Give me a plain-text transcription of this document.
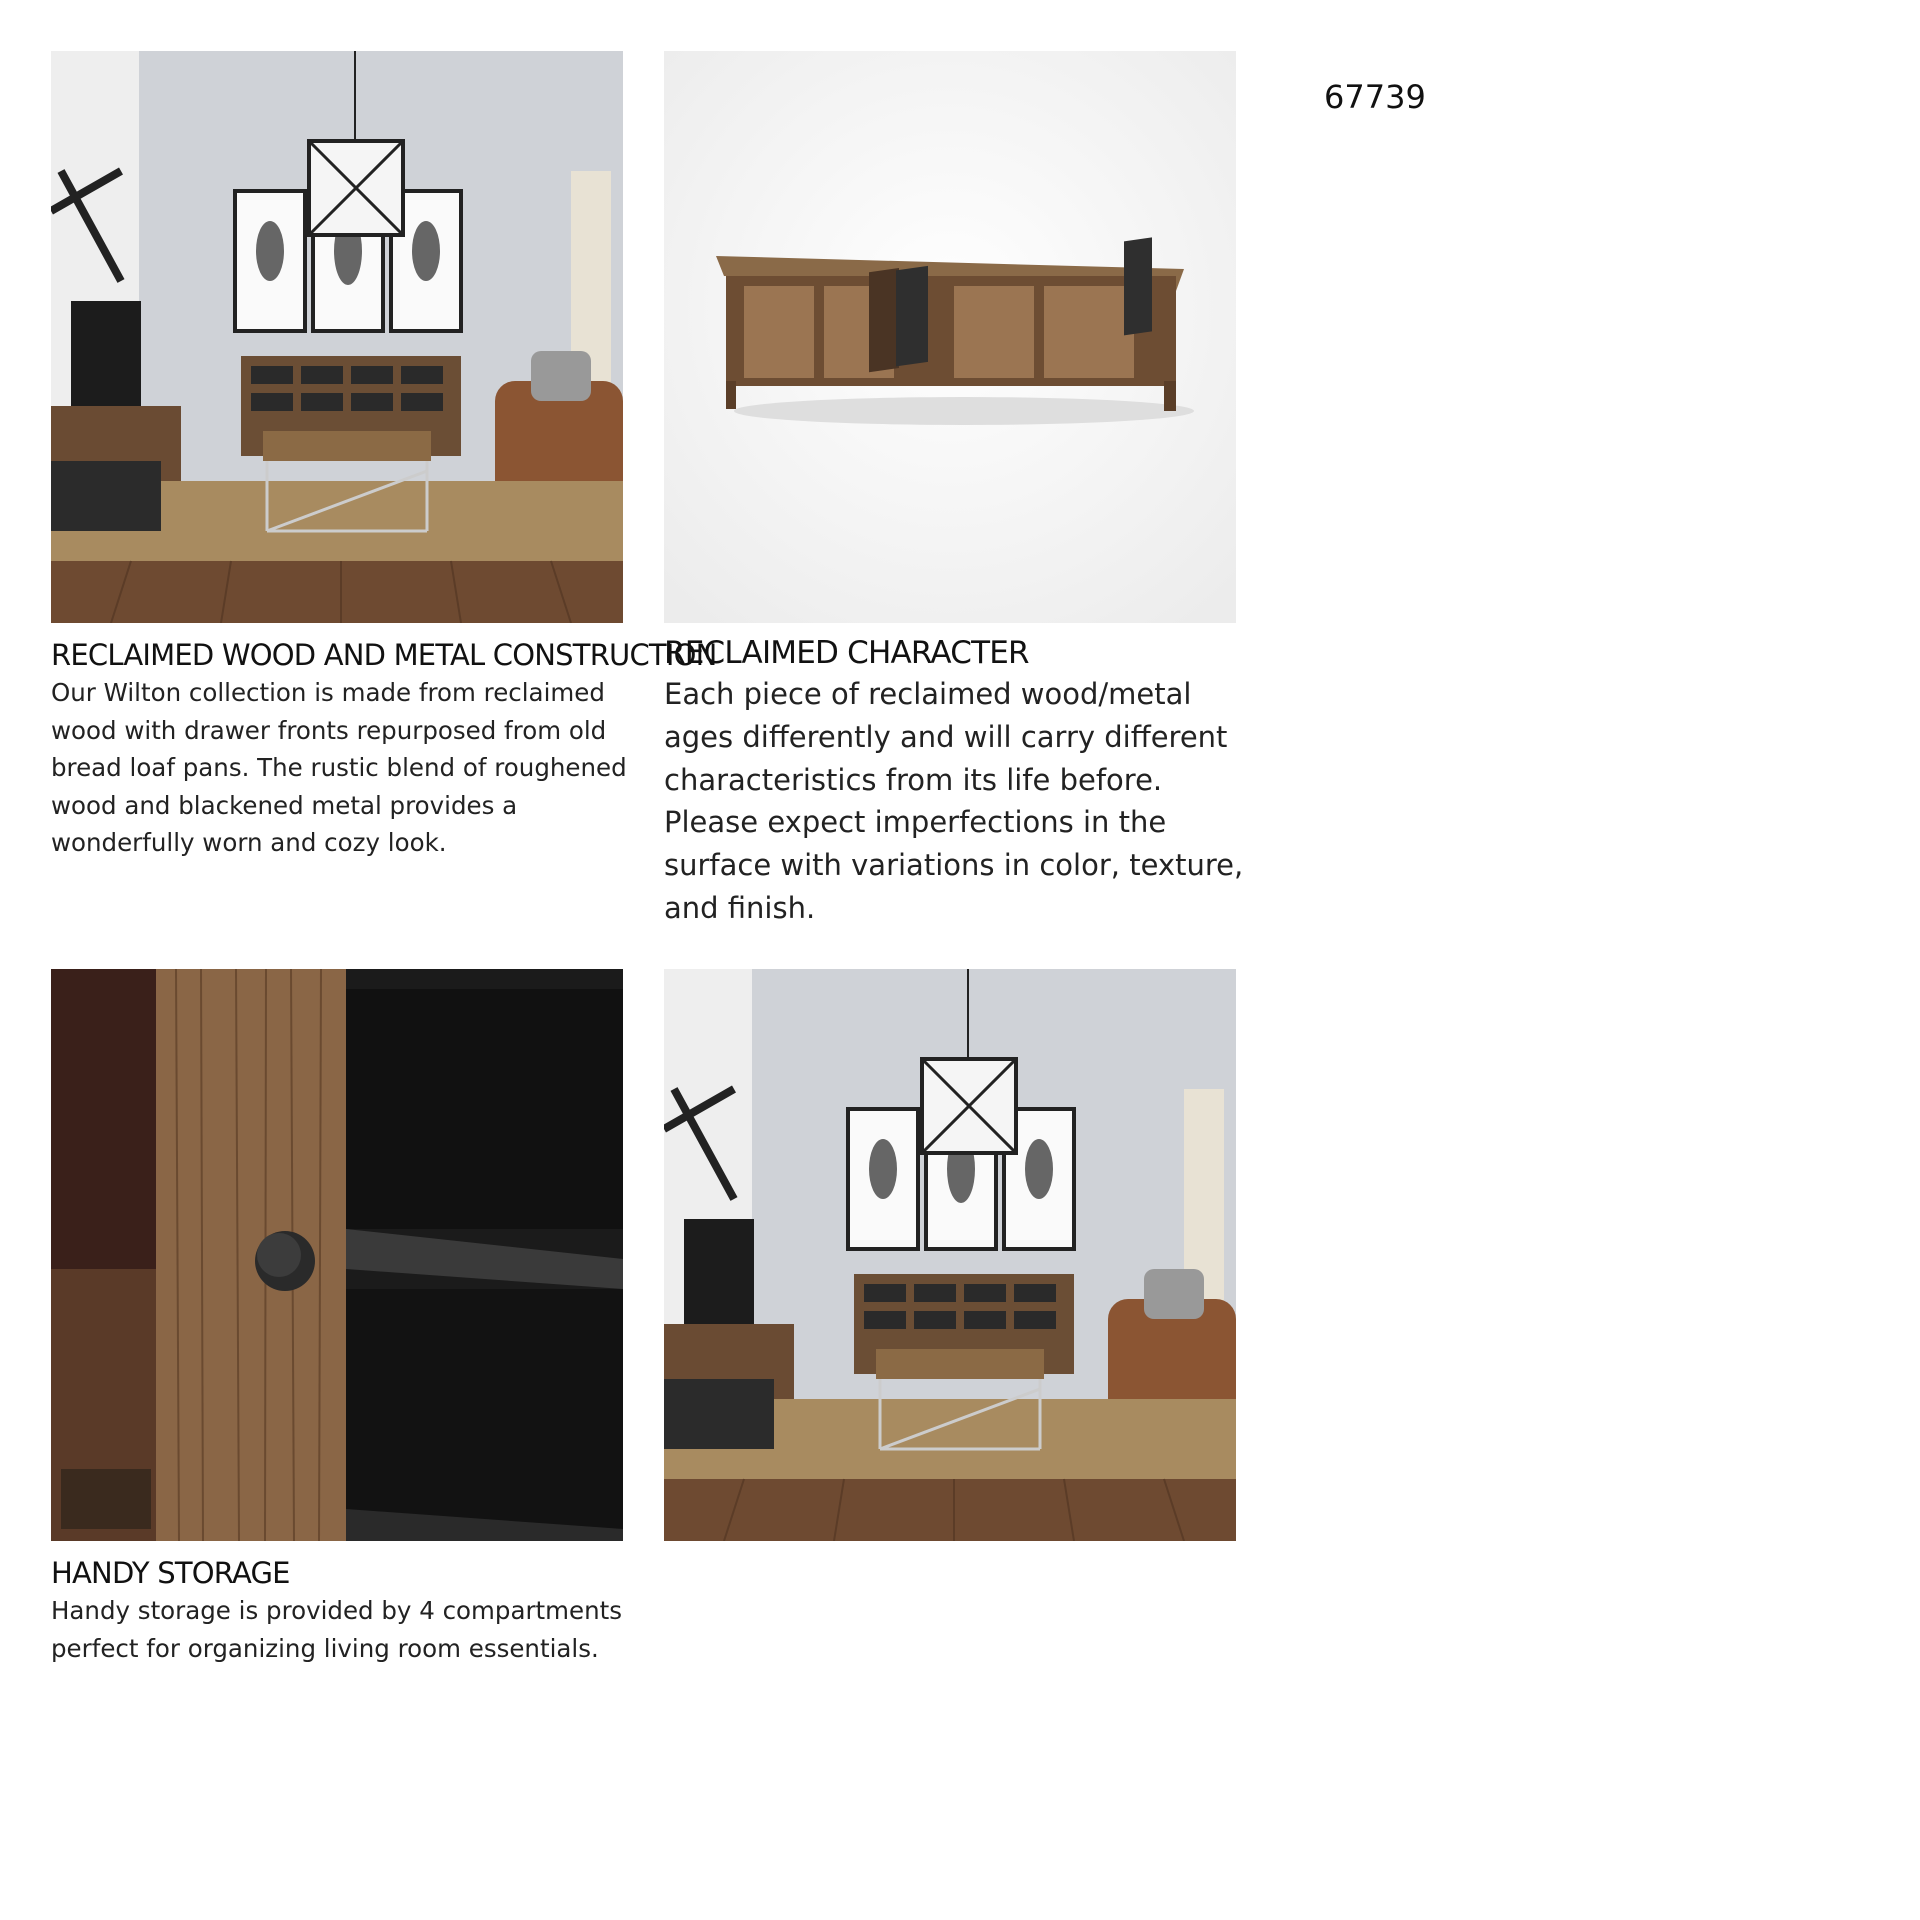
67739
RECLAIMED WOOD AND METAL CONSTRUCTION
Our Wilton collection is made from reclaimed wood with drawer fronts repurposed from old bread loaf pans. The rustic blend of roughened wood and blackened metal provides a wonderfully worn and cozy look.
RECLAIMED CHARACTER
Each piece of reclaimed wood/metal ages differently and will carry different characteristics from its life before. Please expect imperfections in the surface with variations in color, texture, and finish.
HANDY STORAGE
Handy storage is provided by 4 compartments perfect for organizing living room essentials.
